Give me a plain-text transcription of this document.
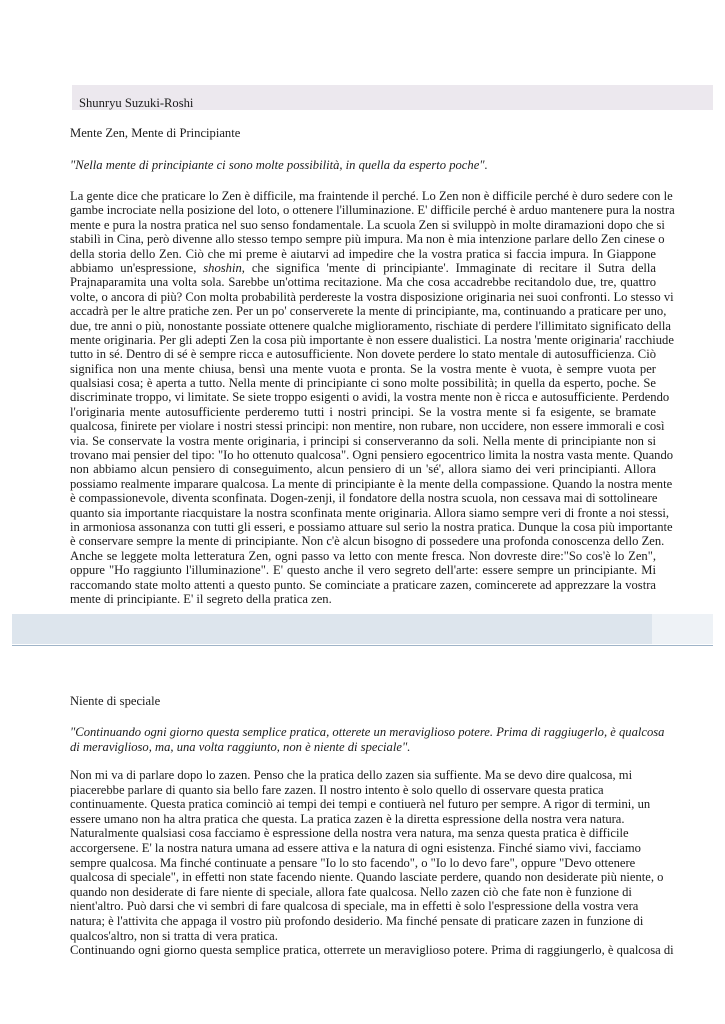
Shunryu Suzuki-Roshi
Mente Zen, Mente di Principiante
"Nella mente di principiante ci sono molte possibilità, in quella da esperto poche".
La gente dice che praticare lo Zen è difficile, ma fraintende il perché. Lo Zen non è difficile perché è duro sedere con le
gambe incrociate nella posizione del loto, o ottenere l'illuminazione. E' difficile perché è arduo mantenere pura la nostra
mente e pura la nostra pratica nel suo senso fondamentale. La scuola Zen si sviluppò in molte diramazioni dopo che si
stabilì in Cina, però divenne allo stesso tempo sempre più impura. Ma non è mia intenzione parlare dello Zen cinese o
della storia dello Zen. Ciò che mi preme è aiutarvi ad impedire che la vostra pratica si faccia impura. In Giappone
abbiamo un'espressione, shoshin, che significa 'mente di principiante'. Immaginate di recitare il Sutra della
Prajnaparamita una volta sola. Sarebbe un'ottima recitazione. Ma che cosa accadrebbe recitandolo due, tre, quattro
volte, o ancora di più? Con molta probabilità perdereste la vostra disposizione originaria nei suoi confronti. Lo stesso vi
accadrà per le altre pratiche zen. Per un po' conserverete la mente di principiante, ma, continuando a praticare per uno,
due, tre anni o più, nonostante possiate ottenere qualche miglioramento, rischiate di perdere l'illimitato significato della
mente originaria. Per gli adepti Zen la cosa più importante è non essere dualistici. La nostra 'mente originaria' racchiude
tutto in sé. Dentro di sé è sempre ricca e autosufficiente. Non dovete perdere lo stato mentale di autosufficienza. Ciò
significa non una mente chiusa, bensì una mente vuota e pronta. Se la vostra mente è vuota, è sempre vuota per
qualsiasi cosa; è aperta a tutto. Nella mente di principiante ci sono molte possibilità; in quella da esperto, poche. Se
discriminate troppo, vi limitate. Se siete troppo esigenti o avidi, la vostra mente non è ricca e autosufficiente. Perdendo
l'originaria mente autosufficiente perderemo tutti i nostri principi. Se la vostra mente si fa esigente, se bramate
qualcosa, finirete per violare i nostri stessi principi: non mentire, non rubare, non uccidere, non essere immorali e così
via. Se conservate la vostra mente originaria, i principi si conserveranno da soli. Nella mente di principiante non si
trovano mai pensier del tipo: "Io ho ottenuto qualcosa". Ogni pensiero egocentrico limita la nostra vasta mente. Quando
non abbiamo alcun pensiero di conseguimento, alcun pensiero di un 'sé', allora siamo dei veri principianti. Allora
possiamo realmente imparare qualcosa. La mente di principiante è la mente della compassione. Quando la nostra mente
è compassionevole, diventa sconfinata. Dogen-zenji, il fondatore della nostra scuola, non cessava mai di sottolineare
quanto sia importante riacquistare la nostra sconfinata mente originaria. Allora siamo sempre veri di fronte a noi stessi,
in armoniosa assonanza con tutti gli esseri, e possiamo attuare sul serio la nostra pratica. Dunque la cosa più importante
è conservare sempre la mente di principiante. Non c'è alcun bisogno di possedere una profonda conoscenza dello Zen.
Anche se leggete molta letteratura Zen, ogni passo va letto con mente fresca. Non dovreste dire:"So cos'è lo Zen",
oppure "Ho raggiunto l'illuminazione". E' questo anche il vero segreto dell'arte: essere sempre un principiante. Mi
raccomando state molto attenti a questo punto. Se cominciate a praticare zazen, comincerete ad apprezzare la vostra
mente di principiante. E' il segreto della pratica zen.
Niente di speciale
"Continuando ogni giorno questa semplice pratica, otterete un meraviglioso potere. Prima di raggiugerlo, è qualcosa
di meraviglioso, ma, una volta raggiunto, non è niente di speciale".
Non mi va di parlare dopo lo zazen. Penso che la pratica dello zazen sia suffiente. Ma se devo dire qualcosa, mi
piacerebbe parlare di quanto sia bello fare zazen. Il nostro intento è solo quello di osservare questa pratica
continuamente. Questa pratica cominciò ai tempi dei tempi e contiuerà nel futuro per sempre. A rigor di termini, un
essere umano non ha altra pratica che questa. La pratica zazen è la diretta espressione della nostra vera natura.
Naturalmente qualsiasi cosa facciamo è espressione della nostra vera natura, ma senza questa pratica è difficile
accorgersene. E' la nostra natura umana ad essere attiva e la natura di ogni esistenza. Finché siamo vivi, facciamo
sempre qualcosa. Ma finché continuate a pensare "Io lo sto facendo", o "Io lo devo fare", oppure "Devo ottenere
qualcosa di speciale", in effetti non state facendo niente. Quando lasciate perdere, quando non desiderate più niente, o
quando non desiderate di fare niente di speciale, allora fate qualcosa. Nello zazen ciò che fate non è funzione di
nient'altro. Può darsi che vi sembri di fare qualcosa di speciale, ma in effetti è solo l'espressione della vostra vera
natura; è l'attivita che appaga il vostro più profondo desiderio. Ma finché pensate di praticare zazen in funzione di
qualcos'altro, non si tratta di vera pratica.
Continuando ogni giorno questa semplice pratica, otterrete un meraviglioso potere. Prima di raggiungerlo, è qualcosa di
